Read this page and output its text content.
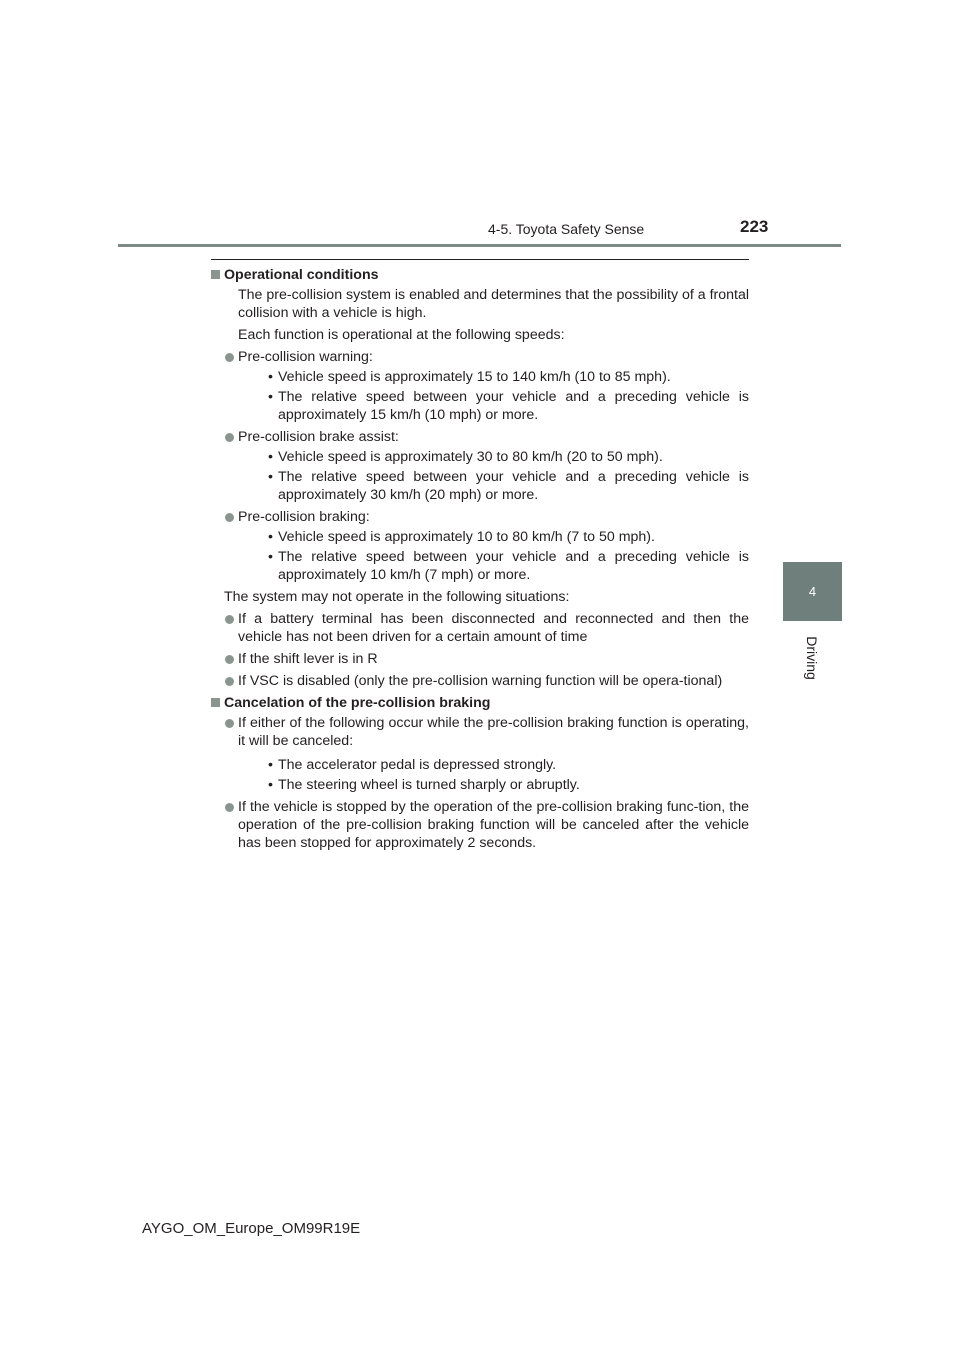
4-5. Toyota Safety Sense	223
4
Driving
Operational conditions
The pre-collision system is enabled and determines that the possibility of a frontal collision with a vehicle is high.
Each function is operational at the following speeds:
Pre-collision warning:
• Vehicle speed is approximately 15 to 140 km/h (10 to 85 mph).
• The relative speed between your vehicle and a preceding vehicle is approximately 15 km/h (10 mph) or more.
Pre-collision brake assist:
• Vehicle speed is approximately 30 to 80 km/h (20 to 50 mph).
• The relative speed between your vehicle and a preceding vehicle is approximately 30 km/h (20 mph) or more.
Pre-collision braking:
• Vehicle speed is approximately 10 to 80 km/h (7 to 50 mph).
• The relative speed between your vehicle and a preceding vehicle is approximately 10 km/h (7 mph) or more.
The system may not operate in the following situations:
If a battery terminal has been disconnected and reconnected and then the vehicle has not been driven for a certain amount of time
If the shift lever is in R
If VSC is disabled (only the pre-collision warning function will be opera-tional)
Cancelation of the pre-collision braking
If either of the following occur while the pre-collision braking function is operating, it will be canceled:
• The accelerator pedal is depressed strongly.
• The steering wheel is turned sharply or abruptly.
If the vehicle is stopped by the operation of the pre-collision braking func-tion, the operation of the pre-collision braking function will be canceled after the vehicle has been stopped for approximately 2 seconds.
AYGO_OM_Europe_OM99R19E
